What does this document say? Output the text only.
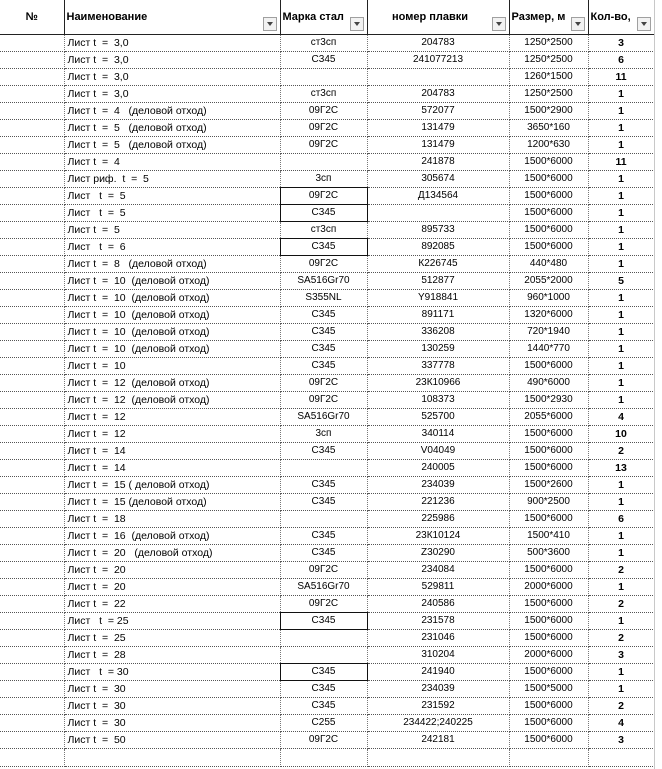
№	Наименование	Марка стал	номер плавки	Размер, м	Кол-во,

	Лист t  =  3,0	ст3сп	204783	1250*2500	3
	Лист t  =  3,0	С345	241077213	1250*2500	6
	Лист t  =  3,0			1260*1500	11
	Лист t  =  3,0	ст3сп	204783	1250*2500	1
	Лист t  =  4   (деловой отход)	09Г2С	572077	1500*2900	1
	Лист t  =  5   (деловой отход)	09Г2С	131479	3650*160	1
	Лист t  =  5   (деловой отход)	09Г2С	131479	1200*630	1
	Лист t  =  4		241878	1500*6000	11
	Лист риф.  t  =  5	3сп	305674	1500*6000	1
	Лист   t  =  5	09Г2С	Д134564	1500*6000	1
	Лист   t  =  5	С345		1500*6000	1
	Лист t  =  5	ст3сп	895733	1500*6000	1
	Лист   t  =  6	С345	892085	1500*6000	1
	Лист t  =  8   (деловой отход)	09Г2С	К226745	440*480	1
	Лист t  =  10  (деловой отход)	SA516Gr70	512877	2055*2000	5
	Лист t  =  10  (деловой отход)	S355NL	Y918841	960*1000	1
	Лист t  =  10  (деловой отход)	С345	891171	1320*6000	1
	Лист t  =  10  (деловой отход)	С345	336208	720*1940	1
	Лист t  =  10  (деловой отход)	С345	130259	1440*770	1
	Лист t  =  10	С345	337778	1500*6000	1
	Лист t  =  12  (деловой отход)	09Г2С	23К10966	490*6000	1
	Лист t  =  12  (деловой отход)	09Г2С	108373	1500*2930	1
	Лист t  =  12	SA516Gr70	525700	2055*6000	4
	Лист t  =  12	3сп	340114	1500*6000	10
	Лист t  =  14	С345	V04049	1500*6000	2
	Лист t  =  14		240005	1500*6000	13
	Лист t  =  15 ( деловой отход)	С345	234039	1500*2600	1
	Лист t  =  15 (деловой отход)	С345	221236	900*2500	1
	Лист t  =  18		225986	1500*6000	6
	Лист t  =  16  (деловой отход)	С345	23К10124	1500*410	1
	Лист t  =  20   (деловой отход)	С345	Z30290	500*3600	1
	Лист t  =  20	09Г2С	234084	1500*6000	2
	Лист t  =  20	SA516Gr70	529811	2000*6000	1
	Лист t  =  22	09Г2С	240586	1500*6000	2
	Лист   t  = 25	С345	231578	1500*6000	1
	Лист t  =  25		231046	1500*6000	2
	Лист t  =  28		310204	2000*6000	3
	Лист   t  = 30	С345	241940	1500*6000	1
	Лист t  =  30	С345	234039	1500*5000	1
	Лист t  =  30	С345	231592	1500*6000	2
	Лист t  =  30	С255	234422;240225	1500*6000	4
	Лист t  =  50	09Г2С	242181	1500*6000	3
